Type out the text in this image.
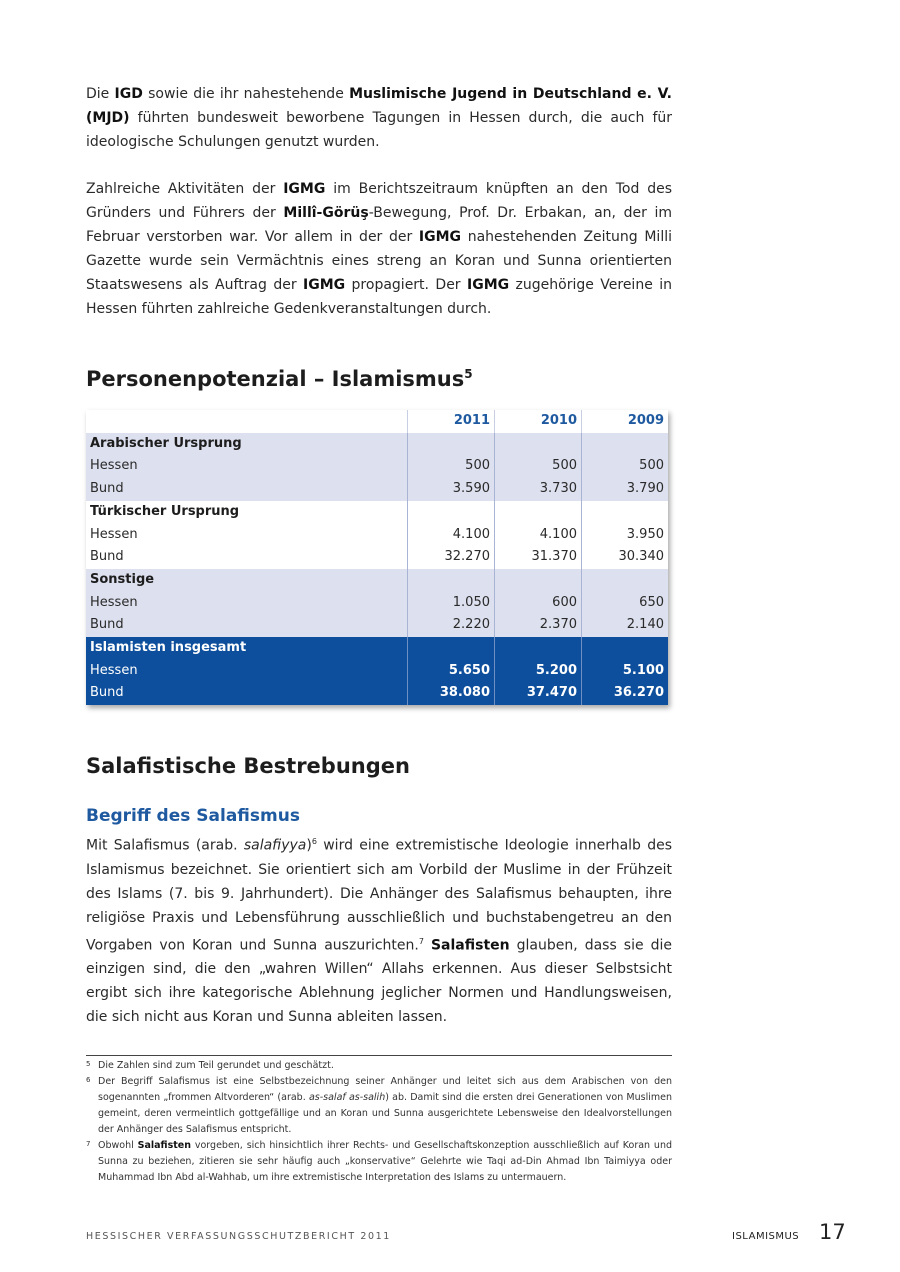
Die IGD sowie die ihr nahestehende Muslimische Jugend in Deutschland e. V. (MJD) führten bundesweit beworbene Tagungen in Hessen durch, die auch für ideologische Schulungen genutzt wurden.

Zahlreiche Aktivitäten der IGMG im Berichtszeitraum knüpften an den Tod des Gründers und Führers der Millî-Görüş-Bewegung, Prof. Dr. Erbakan, an, der im Februar verstorben war. Vor allem in der der IGMG nahestehenden Zeitung Milli Gazette wurde sein Vermächtnis eines streng an Koran und Sunna orientierten Staatswesens als Auftrag der IGMG propagiert. Der IGMG zugehörige Vereine in Hessen führten zahlreiche Gedenkveranstaltungen durch.

Personenpotenzial – Islamismus$^5$
	2011	2010	2009
Arabischer Ursprung			
Hessen	500	500	500
Bund	3.590	3.730	3.790
Türkischer Ursprung			
Hessen	4.100	4.100	3.950
Bund	32.270	31.370	30.340
Sonstige			
Hessen	1.050	600	650
Bund	2.220	2.370	2.140
Islamisten insgesamt			
Hessen	5.650	5.200	5.100
Bund	38.080	37.470	36.270
Salafistische Bestrebungen
Begriff des Salafismus

Mit Salafismus (arab. salafiyya)$^6$ wird eine extremistische Ideologie innerhalb des Islamismus bezeichnet. Sie orientiert sich am Vorbild der Muslime in der Frühzeit des Islams (7. bis 9. Jahrhundert). Die Anhänger des Salafismus behaupten, ihre religiöse Praxis und Lebensführung ausschließlich und buchstabengetreu an den Vorgaben von Koran und Sunna auszurichten.$^7$ Salafisten glauben, dass sie die einzigen sind, die den „wahren Willen“ Allahs erkennen. Aus dieser Selbstsicht ergibt sich ihre kategorische Ablehnung jeglicher Normen und Handlungsweisen, die sich nicht aus Koran und Sunna ableiten lassen.

5 Die Zahlen sind zum Teil gerundet und geschätzt.
6 Der Begriff Salafismus ist eine Selbstbezeichnung seiner Anhänger und leitet sich aus dem Arabischen von den sogenannten „frommen Altvorderen“ (arab. as-salaf as-salih) ab. Damit sind die ersten drei Generationen von Muslimen gemeint, deren vermeintlich gottgefällige und an Koran und Sunna ausgerichtete Lebensweise den Idealvorstellungen der Anhänger des Salafismus entspricht.
7 Obwohl Salafisten vorgeben, sich hinsichtlich ihrer Rechts- und Gesellschaftskonzeption ausschließlich auf Koran und Sunna zu beziehen, zitieren sie sehr häufig auch „konservative“ Gelehrte wie Taqi ad-Din Ahmad Ibn Taimiyya oder Muhammad Ibn Abd al-Wahhab, um ihre extremistische Interpretation des Islams zu untermauern.
HESSISCHER VERFASSUNGSSCHUTZBERICHT 2011	ISLAMISMUS 17
